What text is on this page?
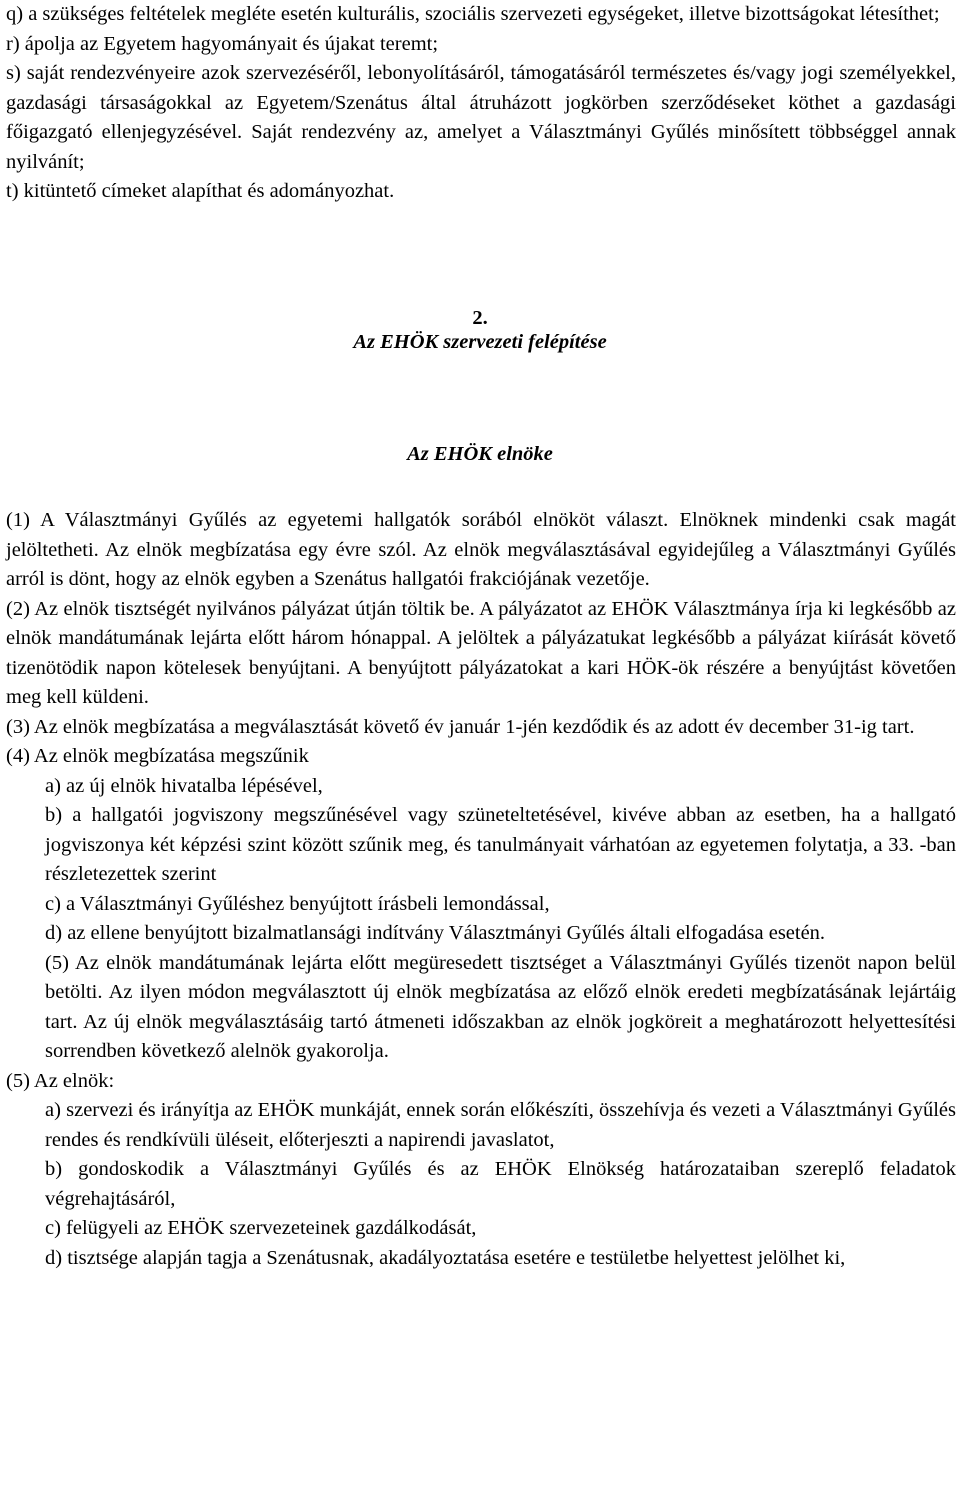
q) a szükséges feltételek megléte esetén kulturális, szociális szervezeti egységeket, illetve bizottságokat létesíthet;

r) ápolja az Egyetem hagyományait és újakat teremt;

s) saját rendezvényeire azok szervezéséről, lebonyolításáról, támogatásáról természetes és/vagy jogi személyekkel, gazdasági társaságokkal az Egyetem/Szenátus által átruházott jogkörben szerződéseket köthet a gazdasági főigazgató ellenjegyzésével. Saját rendezvény az, amelyet a Választmányi Gyűlés minősített többséggel annak nyilvánít;

t) kitüntető címeket alapíthat és adományozhat.

2.
Az EHÖK szervezeti felépítése
Az EHÖK elnöke

(1) A Választmányi Gyűlés az egyetemi hallgatók sorából elnököt választ. Elnöknek mindenki csak magát jelöltetheti. Az elnök megbízatása egy évre szól. Az elnök megválasztásával egyidejűleg a Választmányi Gyűlés arról is dönt, hogy az elnök egyben a Szenátus hallgatói frakciójának vezetője.

(2) Az elnök tisztségét nyilvános pályázat útján töltik be. A pályázatot az EHÖK Választmánya írja ki legkésőbb az elnök mandátumának lejárta előtt három hónappal. A jelöltek a pályázatukat legkésőbb a pályázat kiírását követő tizenötödik napon kötelesek benyújtani. A benyújtott pályázatokat a kari HÖK-ök részére a benyújtást követően meg kell küldeni.

(3) Az elnök megbízatása a megválasztását követő év január 1-jén kezdődik és az adott év december 31-ig tart.

(4) Az elnök megbízatása megszűnik

a) az új elnök hivatalba lépésével,

b) a hallgatói jogviszony megszűnésével vagy szüneteltetésével, kivéve abban az esetben, ha a hallgató jogviszonya két képzési szint között szűnik meg, és tanulmányait várhatóan az egyetemen folytatja, a 33. -ban részletezettek szerint

c) a Választmányi Gyűléshez benyújtott írásbeli lemondással,

d) az ellene benyújtott bizalmatlansági indítvány Választmányi Gyűlés általi elfogadása esetén.

(5) Az elnök mandátumának lejárta előtt megüresedett tisztséget a Választmányi Gyűlés tizenöt napon belül betölti. Az ilyen módon megválasztott új elnök megbízatása az előző elnök eredeti megbízatásának lejártáig tart. Az új elnök megválasztásáig tartó átmeneti időszakban az elnök jogköreit a meghatározott helyettesítési sorrendben következő alelnök gyakorolja.

(5) Az elnök:

a) szervezi és irányítja az EHÖK munkáját, ennek során előkészíti, összehívja és vezeti a Választmányi Gyűlés rendes és rendkívüli üléseit, előterjeszti a napirendi javaslatot,

b) gondoskodik a Választmányi Gyűlés és az EHÖK Elnökség határozataiban szereplő feladatok végrehajtásáról,

c) felügyeli az EHÖK szervezeteinek gazdálkodását,

d) tisztsége alapján tagja a Szenátusnak, akadályoztatása esetére e testületbe helyettest jelölhet ki,
